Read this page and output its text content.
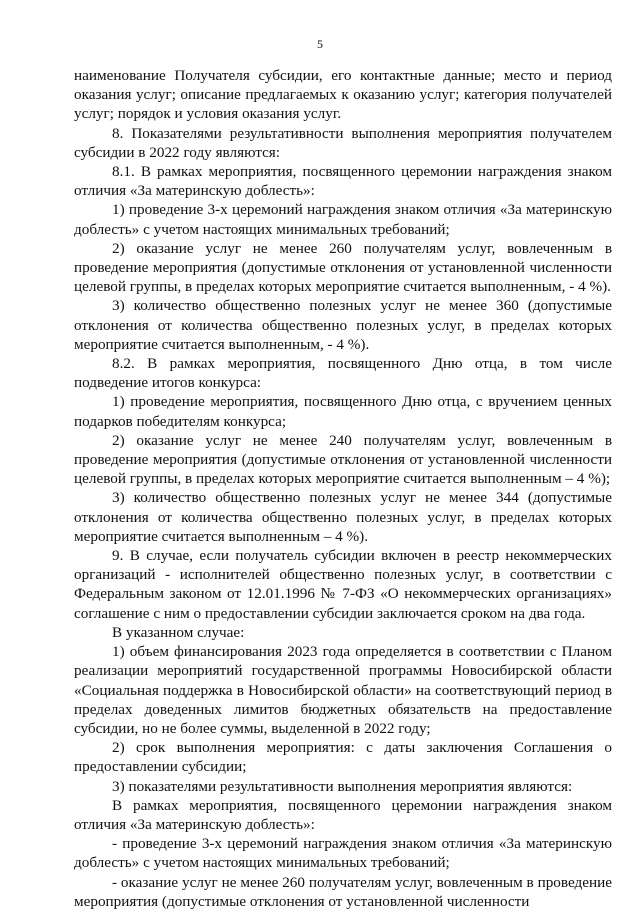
5

наименование Получателя субсидии, его контактные данные; место и период оказания услуг; описание предлагаемых к оказанию услуг; категория получателей услуг; порядок и условия оказания услуг.

8. Показателями результативности выполнения мероприятия получателем субсидии в 2022 году являются:

8.1. В рамках мероприятия, посвященного церемонии награждения знаком отличия «За материнскую доблесть»:

1) проведение 3-х церемоний награждения знаком отличия «За материнскую доблесть» с учетом настоящих минимальных требований;

2) оказание услуг не менее 260 получателям услуг, вовлеченным в проведение мероприятия (допустимые отклонения от установленной численности целевой группы, в пределах которых мероприятие считается выполненным, - 4 %).

3) количество общественно полезных услуг не менее 360 (допустимые отклонения от количества общественно полезных услуг, в пределах которых мероприятие считается выполненным, - 4 %).

8.2. В рамках мероприятия, посвященного Дню отца, в том числе подведение итогов конкурса:

1) проведение мероприятия, посвященного Дню отца, с вручением ценных подарков победителям конкурса;

2) оказание услуг не менее 240 получателям услуг, вовлеченным в проведение мероприятия (допустимые отклонения от установленной численности целевой группы, в пределах которых мероприятие считается выполненным – 4 %);

3) количество общественно полезных услуг не менее 344 (допустимые отклонения от количества общественно полезных услуг, в пределах которых мероприятие считается выполненным – 4 %).

9. В случае, если получатель субсидии включен в реестр некоммерческих организаций - исполнителей общественно полезных услуг, в соответствии с Федеральным законом от 12.01.1996 № 7-ФЗ «О некоммерческих организациях» соглашение с ним о предоставлении субсидии заключается сроком на два года.

В указанном случае:

1) объем финансирования 2023 года определяется в соответствии с Планом реализации мероприятий государственной программы Новосибирской области «Социальная поддержка в Новосибирской области» на соответствующий период в пределах доведенных лимитов бюджетных обязательств на предоставление субсидии, но не более суммы, выделенной в 2022 году;

2) срок выполнения мероприятия: с даты заключения Соглашения о предоставлении субсидии;

3) показателями результативности выполнения мероприятия являются:

В рамках мероприятия, посвященного церемонии награждения знаком отличия «За материнскую доблесть»:

- проведение 3-х церемоний награждения знаком отличия «За материнскую доблесть» с учетом настоящих минимальных требований;

- оказание услуг не менее 260 получателям услуг, вовлеченным в проведение мероприятия (допустимые отклонения от установленной численности
